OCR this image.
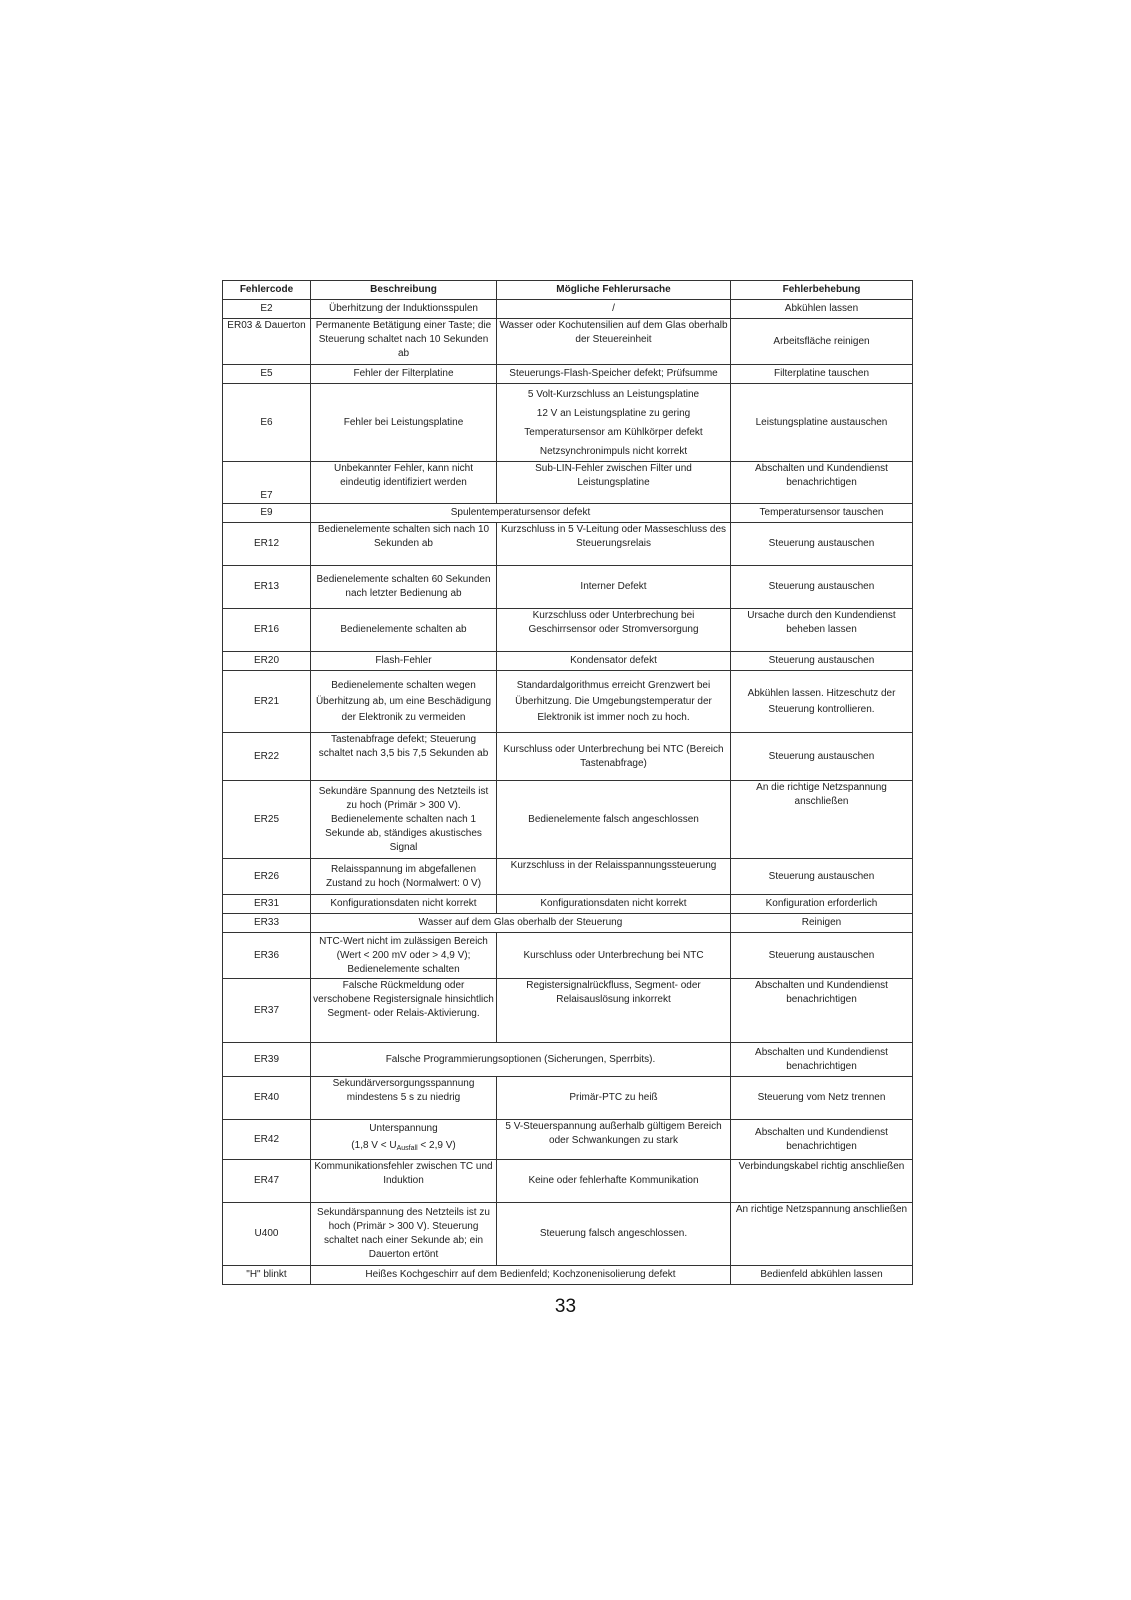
Fehlercode	Beschreibung	Mögliche Fehlerursache	Fehlerbehebung
E2	Überhitzung der Induktionsspulen	/	Abkühlen lassen
ER03 & Dauerton	Permanente Betätigung einer Taste; die Steuerung schaltet nach 10 Sekunden ab	Wasser oder Kochutensilien auf dem Glas oberhalb der Steuereinheit	Arbeitsfläche reinigen
E5	Fehler der Filterplatine	Steuerungs-Flash-Speicher defekt; Prüfsumme	Filterplatine tauschen
E6	Fehler bei Leistungsplatine	5 Volt-Kurzschluss an Leistungsplatine
12 V an Leistungsplatine zu gering
Temperatursensor am Kühlkörper defekt
Netzsynchronimpuls nicht korrekt	Leistungsplatine austauschen
E7	Unbekannter Fehler, kann nicht eindeutig identifiziert werden	Sub-LIN-Fehler zwischen Filter und Leistungsplatine	Abschalten und Kundendienst benachrichtigen
E9	Spulentemperatursensor defekt		Temperatursensor tauschen
ER12	Bedienelemente schalten sich nach 10 Sekunden ab	Kurzschluss in 5 V-Leitung oder Masseschluss des Steuerungsrelais	Steuerung austauschen
ER13	Bedienelemente schalten 60 Sekunden nach letzter Bedienung ab	Interner Defekt	Steuerung austauschen
ER16	Bedienelemente schalten ab	Kurzschluss oder Unterbrechung bei Geschirrsensor oder Stromversorgung	Ursache durch den Kundendienst beheben lassen
ER20	Flash-Fehler	Kondensator defekt	Steuerung austauschen
ER21	Bedienelemente schalten wegen Überhitzung ab, um eine Beschädigung der Elektronik zu vermeiden	Standardalgorithmus erreicht Grenzwert bei Überhitzung. Die Umgebungstemperatur der Elektronik ist immer noch zu hoch.	Abkühlen lassen. Hitzeschutz der Steuerung kontrollieren.
ER22	Tastenabfrage defekt; Steuerung schaltet nach 3,5 bis 7,5 Sekunden ab	Kurschluss oder Unterbrechung bei NTC (Bereich Tastenabfrage)	Steuerung austauschen
ER25	Sekundäre Spannung des Netzteils ist zu hoch (Primär > 300 V). Bedienelemente schalten nach 1 Sekunde ab, ständiges akustisches Signal	Bedienelemente falsch angeschlossen	An die richtige Netzspannung anschließen
ER26	Relaisspannung im abgefallenen Zustand zu hoch (Normalwert: 0 V)	Kurzschluss in der Relaisspannungssteuerung	Steuerung austauschen
ER31	Konfigurationsdaten nicht korrekt	Konfigurationsdaten nicht korrekt	Konfiguration erforderlich
ER33	Wasser auf dem Glas oberhalb der Steuerung		Reinigen
ER36	NTC-Wert nicht im zulässigen Bereich (Wert < 200 mV oder > 4,9 V); Bedienelemente schalten	Kurschluss oder Unterbrechung bei NTC	Steuerung austauschen
ER37	Falsche Rückmeldung oder verschobene Registersignale hinsichtlich Segment- oder Relais-Aktivierung.	Registersignalrückfluss, Segment- oder Relaisauslösung inkorrekt	Abschalten und Kundendienst benachrichtigen
ER39	Falsche Programmierungsoptionen (Sicherungen, Sperrbits).		Abschalten und Kundendienst benachrichtigen
ER40	Sekundärversorgungsspannung mindestens 5 s zu niedrig	Primär-PTC zu heiß	Steuerung vom Netz trennen
ER42	Unterspannung
(1,8 $V < U_{Ausfall} < 2,9$ V)	5 V-Steuerspannung außerhalb gültigem Bereich oder Schwankungen zu stark	Abschalten und Kundendienst benachrichtigen
ER47	Kommunikationsfehler zwischen TC und Induktion	Keine oder fehlerhafte Kommunikation	Verbindungskabel richtig anschließen
U400	Sekundärspannung des Netzteils ist zu hoch (Primär > 300 V). Steuerung schaltet nach einer Sekunde ab; ein Dauerton ertönt	Steuerung falsch angeschlossen.	An richtige Netzspannung anschließen
"H" blinkt	Heißes Kochgeschirr auf dem Bedienfeld; Kochzonenisolierung defekt		Bedienfeld abkühlen lassen
33
